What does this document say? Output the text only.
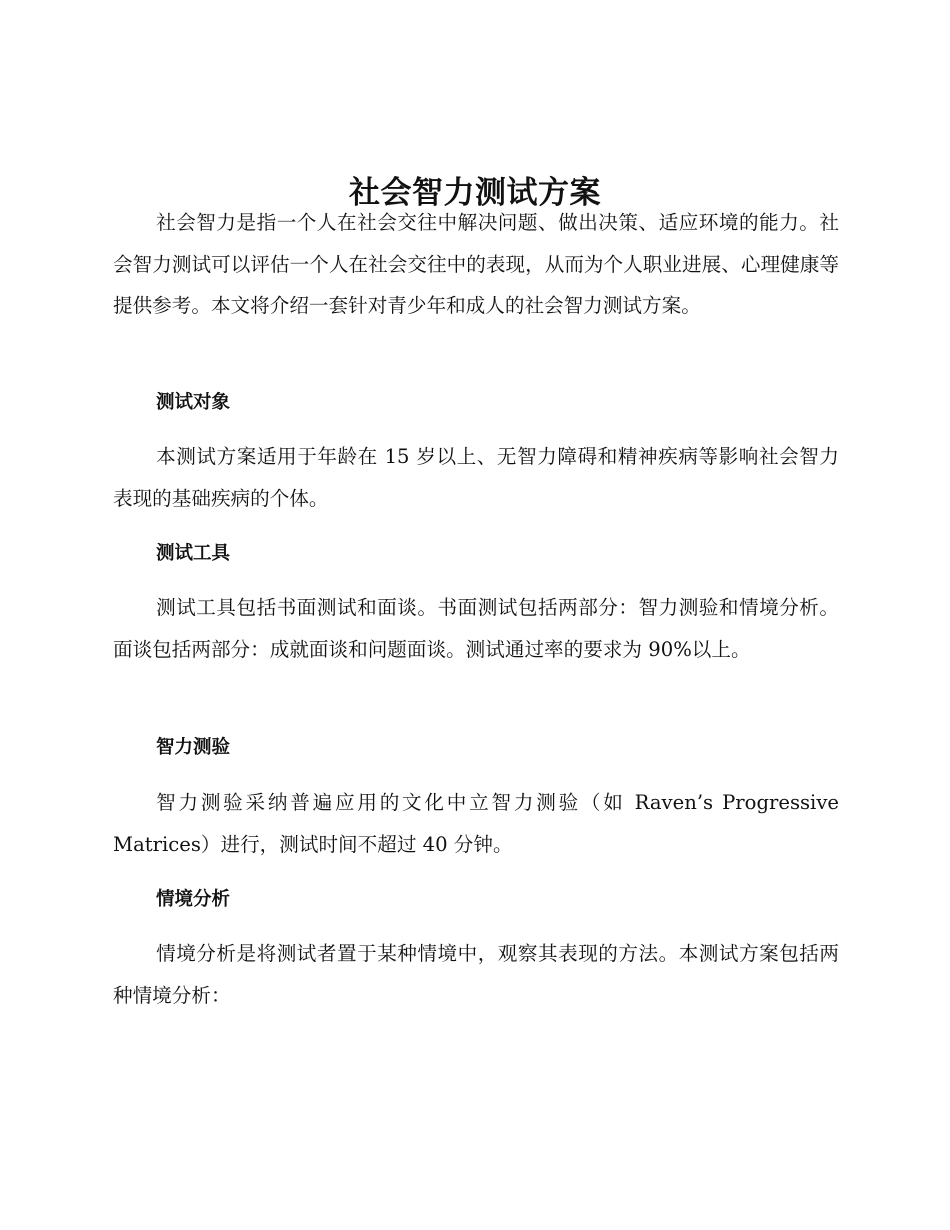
社会智力测试方案

社会智力是指一个人在社会交往中解决问题、做出决策、适应环境的能力。社会智力测试可以评估一个人在社会交往中的表现，从而为个人职业进展、心理健康等提供参考。本文将介绍一套针对青少年和成人的社会智力测试方案。

测试对象

本测试方案适用于年龄在 15 岁以上、无智力障碍和精神疾病等影响社会智力表现的基础疾病的个体。

测试工具

测试工具包括书面测试和面谈。书面测试包括两部分：智力测验和情境分析。面谈包括两部分：成就面谈和问题面谈。测试通过率的要求为 90%以上。

智力测验

智力测验采纳普遍应用的文化中立智力测验（如 Raven’s Progressive Matrices）进行，测试时间不超过 40 分钟。

情境分析

情境分析是将测试者置于某种情境中，观察其表现的方法。本测试方案包括两种情境分析：
